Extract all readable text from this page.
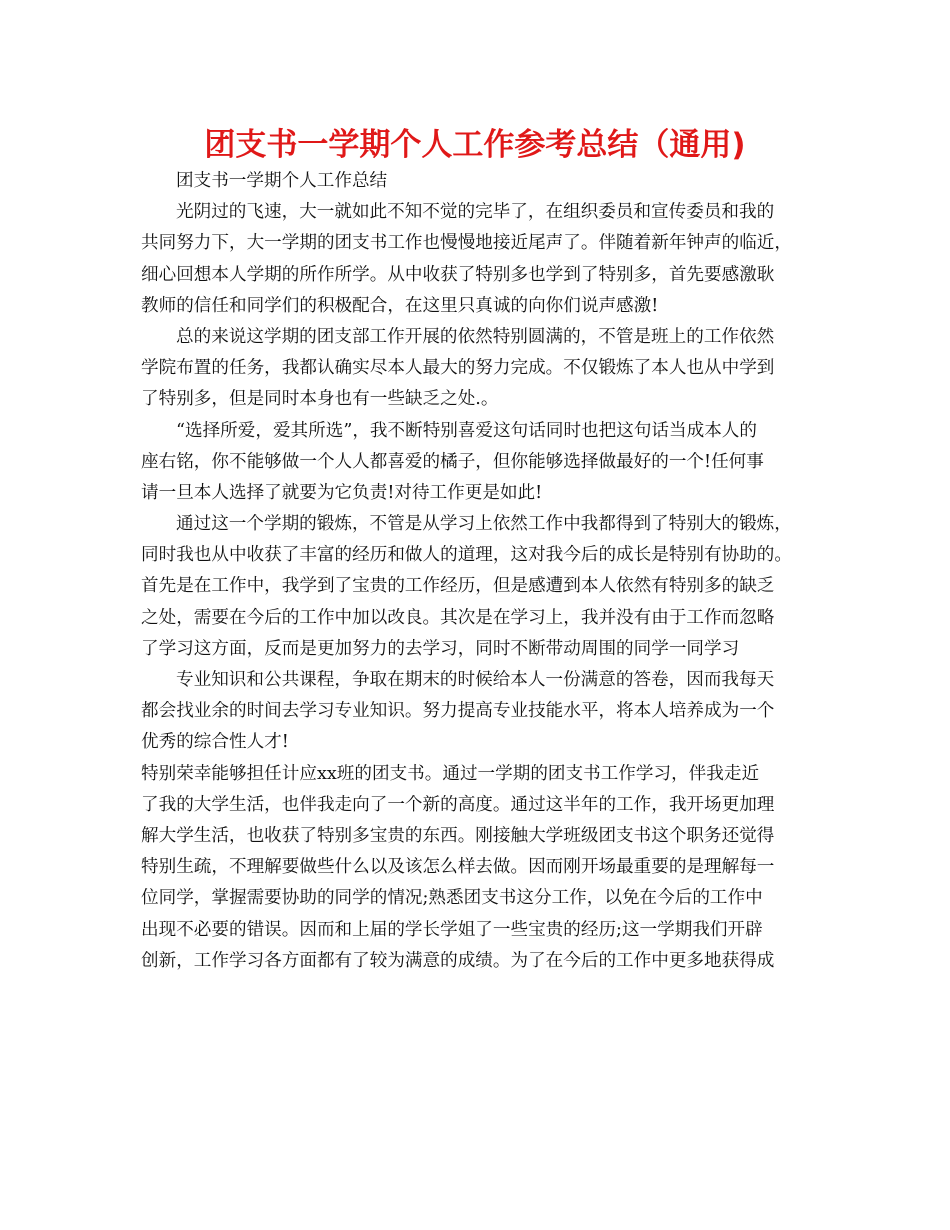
团支书一学期个人工作参考总结（通用)
团支书一学期个人工作总结
光阴过的飞速，大一就如此不知不觉的完毕了，在组织委员和宣传委员和我的
共同努力下，大一学期的团支书工作也慢慢地接近尾声了。伴随着新年钟声的临近，
细心回想本人学期的所作所学。从中收获了特别多也学到了特别多，首先要感激耿
教师的信任和同学们的积极配合，在这里只真诚的向你们说声感激!
总的来说这学期的团支部工作开展的依然特别圆满的，不管是班上的工作依然
学院布置的任务，我都认确实尽本人最大的努力完成。不仅锻炼了本人也从中学到
了特别多，但是同时本身也有一些缺乏之处.。
“选择所爱，爱其所选”，我不断特别喜爱这句话同时也把这句话当成本人的
座右铭，你不能够做一个人人都喜爱的橘子，但你能够选择做最好的一个!任何事
请一旦本人选择了就要为它负责!对待工作更是如此!
通过这一个学期的锻炼，不管是从学习上依然工作中我都得到了特别大的锻炼，
同时我也从中收获了丰富的经历和做人的道理，这对我今后的成长是特别有协助的。
首先是在工作中，我学到了宝贵的工作经历，但是感遭到本人依然有特别多的缺乏
之处，需要在今后的工作中加以改良。其次是在学习上，我并没有由于工作而忽略
了学习这方面，反而是更加努力的去学习，同时不断带动周围的同学一同学习
专业知识和公共课程，争取在期末的时候给本人一份满意的答卷，因而我每天
都会找业余的时间去学习专业知识。努力提高专业技能水平，将本人培养成为一个
优秀的综合性人才!
特别荣幸能够担任计应xx班的团支书。通过一学期的团支书工作学习，伴我走近
了我的大学生活，也伴我走向了一个新的高度。通过这半年的工作，我开场更加理
解大学生活，也收获了特别多宝贵的东西。刚接触大学班级团支书这个职务还觉得
特别生疏，不理解要做些什么以及该怎么样去做。因而刚开场最重要的是理解每一
位同学，掌握需要协助的同学的情况;熟悉团支书这分工作，以免在今后的工作中
出现不必要的错误。因而和上届的学长学姐了一些宝贵的经历;这一学期我们开辟
创新，工作学习各方面都有了较为满意的成绩。为了在今后的工作中更多地获得成
